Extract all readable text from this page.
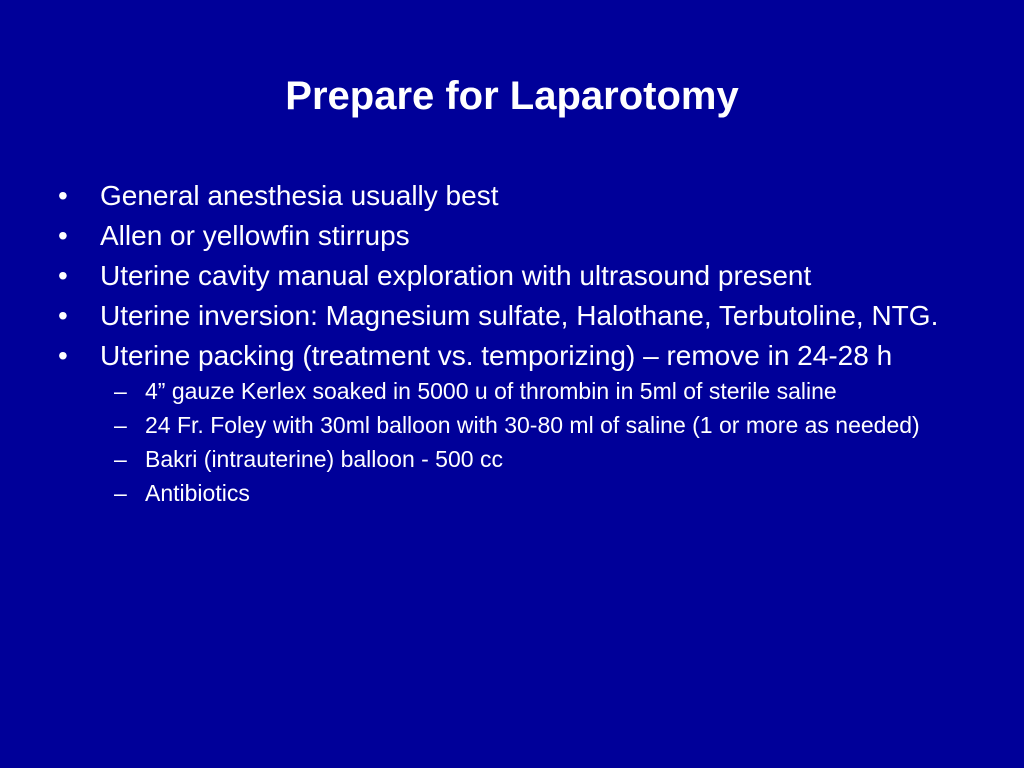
Prepare for Laparotomy
• General anesthesia usually best
• Allen or yellowfin stirrups
• Uterine cavity manual exploration with ultrasound present
• Uterine inversion: Magnesium sulfate, Halothane, Terbutoline, NTG.
• Uterine packing (treatment vs. temporizing) – remove in 24-28 h
– 4” gauze Kerlex soaked in 5000 u of thrombin in 5ml of sterile saline
– 24 Fr. Foley with 30ml balloon with 30-80 ml of saline (1 or more as needed)
– Bakri (intrauterine) balloon - 500 cc
– Antibiotics
